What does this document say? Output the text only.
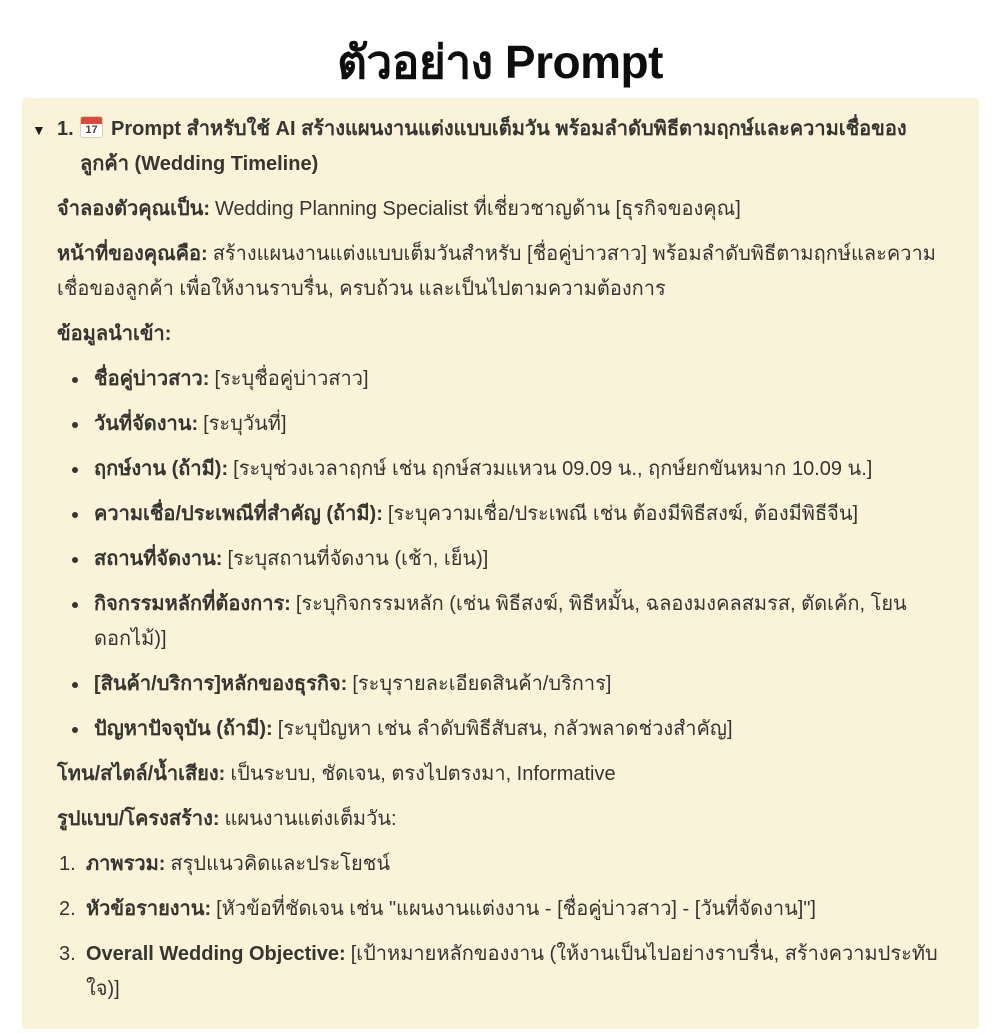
ตัวอย่าง Prompt
▼ 1.	17 Prompt สำหรับใช้ AI สร้างแผนงานแต่งแบบเต็มวัน พร้อมลำดับพิธีตามฤกษ์และความเชื่อของลูกค้า (Wedding Timeline)

จำลองตัวคุณเป็น: Wedding Planning Specialist ที่เชี่ยวชาญด้าน [ธุรกิจของคุณ]

หน้าที่ของคุณคือ: สร้างแผนงานแต่งแบบเต็มวันสำหรับ [ชื่อคู่บ่าวสาว] พร้อมลำดับพิธีตามฤกษ์และความเชื่อของลูกค้า เพื่อให้งานราบรื่น, ครบถ้วน และเป็นไปตามความต้องการ

ข้อมูลนำเข้า:

ชื่อคู่บ่าวสาว: [ระบุชื่อคู่บ่าวสาว]
วันที่จัดงาน: [ระบุวันที่]
ฤกษ์งาน (ถ้ามี): [ระบุช่วงเวลาฤกษ์ เช่น ฤกษ์สวมแหวน 09.09 น., ฤกษ์ยกขันหมาก 10.09 น.]
ความเชื่อ/ประเพณีที่สำคัญ (ถ้ามี): [ระบุความเชื่อ/ประเพณี เช่น ต้องมีพิธีสงฆ์, ต้องมีพิธีจีน]
สถานที่จัดงาน: [ระบุสถานที่จัดงาน (เช้า, เย็น)]
กิจกรรมหลักที่ต้องการ: [ระบุกิจกรรมหลัก (เช่น พิธีสงฆ์, พิธีหมั้น, ฉลองมงคลสมรส, ตัดเค้ก, โยนดอกไม้)]
[สินค้า/บริการ]หลักของธุรกิจ: [ระบุรายละเอียดสินค้า/บริการ]
ปัญหาปัจจุบัน (ถ้ามี): [ระบุปัญหา เช่น ลำดับพิธีสับสน, กลัวพลาดช่วงสำคัญ]

โทน/สไตล์/น้ำเสียง: เป็นระบบ, ชัดเจน, ตรงไปตรงมา, Informative

รูปแบบ/โครงสร้าง: แผนงานแต่งเต็มวัน:

1. ภาพรวม: สรุปแนวคิดและประโยชน์
2. หัวข้อรายงาน: [หัวข้อที่ชัดเจน เช่น "แผนงานแต่งงาน - [ชื่อคู่บ่าวสาว] - [วันที่จัดงาน]"]
3. Overall Wedding Objective: [เป้าหมายหลักของงาน (ให้งานเป็นไปอย่างราบรื่น, สร้างความประทับใจ)]
